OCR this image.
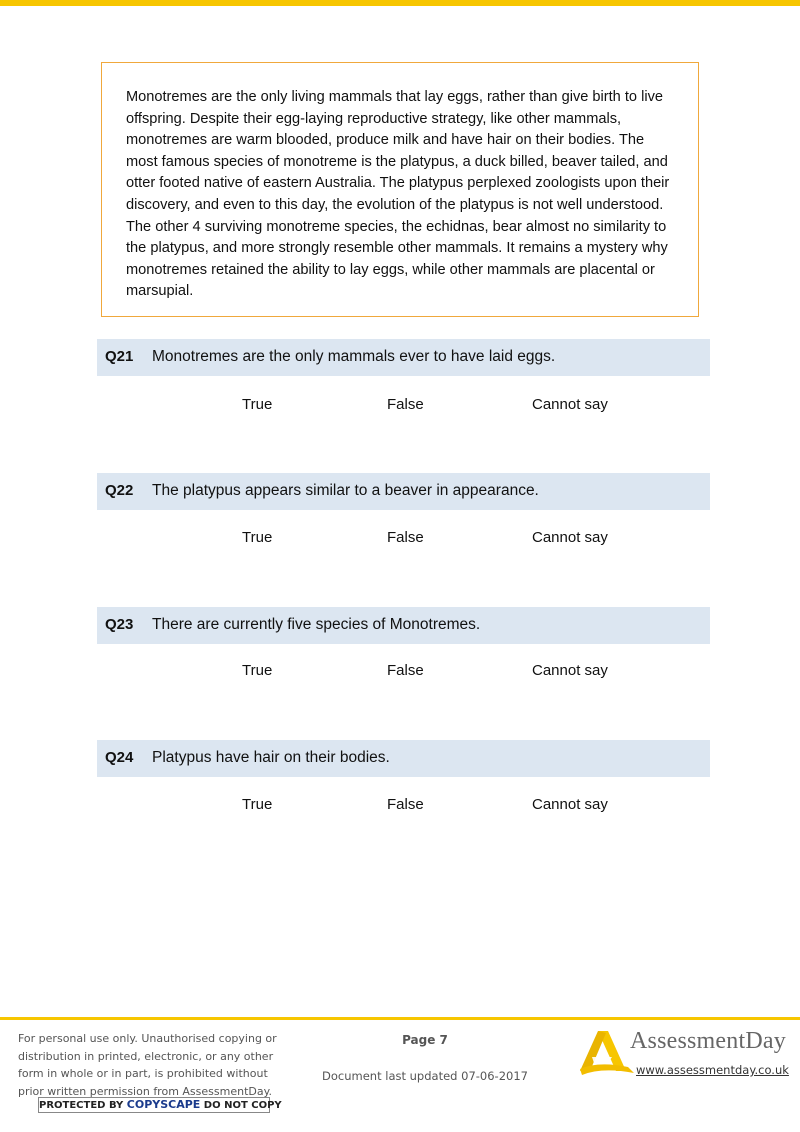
Monotremes are the only living mammals that lay eggs, rather than give birth to live offspring. Despite their egg-laying reproductive strategy, like other mammals, monotremes are warm blooded, produce milk and have hair on their bodies. The most famous species of monotreme is the platypus, a duck billed, beaver tailed, and otter footed native of eastern Australia. The platypus perplexed zoologists upon their discovery, and even to this day, the evolution of the platypus is not well understood. The other 4 surviving monotreme species, the echidnas, bear almost no similarity to the platypus, and more strongly resemble other mammals. It remains a mystery why monotremes retained the ability to lay eggs, while other mammals are placental or marsupial.
Q21 Monotremes are the only mammals ever to have laid eggs.
True	False	Cannot say
Q22 The platypus appears similar to a beaver in appearance.
True	False	Cannot say
Q23 There are currently five species of Monotremes.
True	False	Cannot say
Q24 Platypus have hair on their bodies.
True	False	Cannot say
For personal use only. Unauthorised copying or distribution in printed, electronic, or any other form in whole or in part, is prohibited without prior written permission from AssessmentDay.
PROTECTED BY COPYSCAPE DO NOT COPY
Page 7
Document last updated 07-06-2017
AssessmentDay
www.assessmentday.co.uk
